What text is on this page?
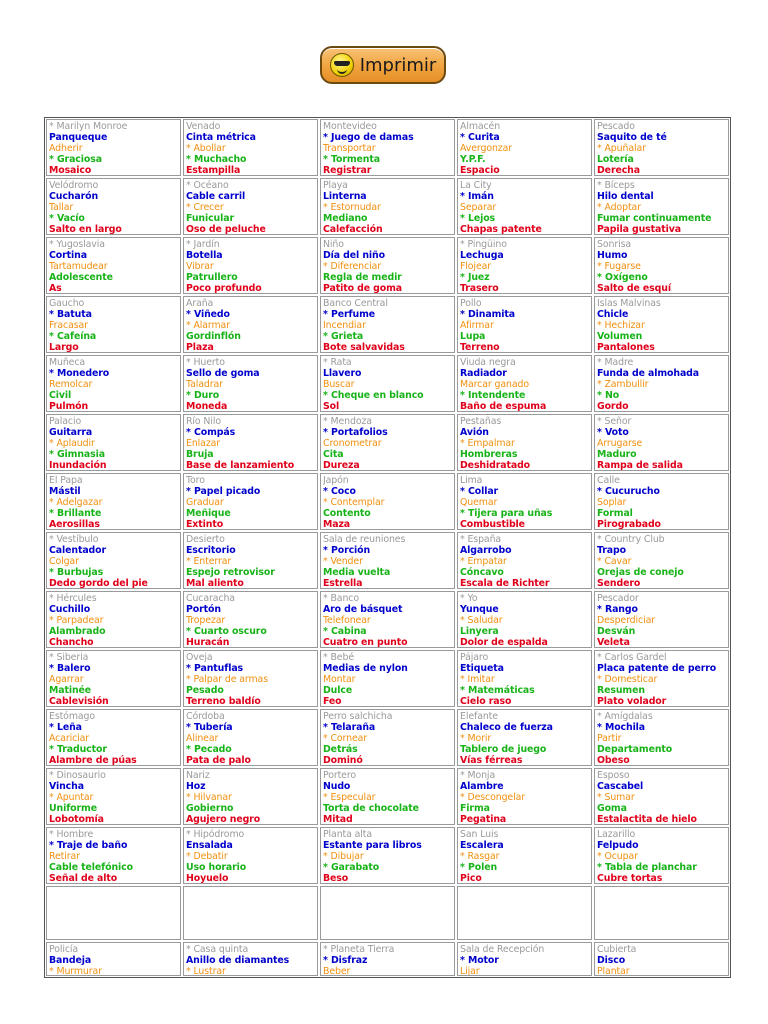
Imprimir
* Marilyn Monroe
Panqueque
Adherir
* Graciosa
Mosaico
Venado
Cinta métrica
* Abollar
* Muchacho
Estampilla
Montevideo
* Juego de damas
Transportar
* Tormenta
Registrar
Almacén
* Curita
Avergonzar
Y.P.F.
Espacio
Pescado
Saquito de té
* Apuñalar
Lotería
Derecha
Velódromo
Cucharón
Tallar
* Vacío
Salto en largo
* Océano
Cable carril
* Crecer
Funicular
Oso de peluche
Playa
Linterna
* Estornudar
Mediano
Calefacción
La City
* Imán
Separar
* Lejos
Chapas patente
* Bíceps
Hilo dental
* Adoptar
Fumar continuamente
Papila gustativa
* Yugoslavia
Cortina
Tartamudear
Adolescente
As
* Jardín
Botella
Vibrar
Patrullero
Poco profundo
Niño
Día del niño
* Diferenciar
Regla de medir
Patito de goma
* Pingüino
Lechuga
Flojear
* Juez
Trasero
Sonrisa
Humo
* Fugarse
* Oxígeno
Salto de esquí
Gaucho
* Batuta
Fracasar
* Cafeína
Largo
Araña
* Viñedo
* Alarmar
Gordinflón
Plaza
Banco Central
* Perfume
Incendiar
* Grieta
Bote salvavidas
Pollo
* Dinamita
Afirmar
Lupa
Terreno
Islas Malvinas
Chicle
* Hechizar
Volumen
Pantalones
Muñeca
* Monedero
Remolcar
Civil
Pulmón
* Huerto
Sello de goma
Taladrar
* Duro
Moneda
* Rata
Llavero
Buscar
* Cheque en blanco
Sol
Viuda negra
Radiador
Marcar ganado
* Intendente
Baño de espuma
* Madre
Funda de almohada
* Zambullir
* No
Gordo
Palacio
Guitarra
* Aplaudir
* Gimnasia
Inundación
Río Nilo
* Compás
Enlazar
Bruja
Base de lanzamiento
* Mendoza
* Portafolios
Cronometrar
Cita
Dureza
Pestañas
Avión
* Empalmar
Hombreras
Deshidratado
* Señor
* Voto
Arrugarse
Maduro
Rampa de salida
El Papa
Mástil
* Adelgazar
* Brillante
Aerosillas
Toro
* Papel picado
Graduar
Meñique
Extinto
Japón
* Coco
* Contemplar
Contento
Maza
Lima
* Collar
Quemar
* Tijera para uñas
Combustible
Calle
* Cucurucho
Soplar
Formal
Pirograbado
* Vestíbulo
Calentador
Colgar
* Burbujas
Dedo gordo del pie
Desierto
Escritorio
* Enterrar
Espejo retrovisor
Mal aliento
Sala de reuniones
* Porción
* Vender
Media vuelta
Estrella
* España
Algarrobo
* Empatar
Cóncavo
Escala de Richter
* Country Club
Trapo
* Cavar
Orejas de conejo
Sendero
* Hércules
Cuchillo
* Parpadear
Alambrado
Chancho
Cucaracha
Portón
Tropezar
* Cuarto oscuro
Huracán
* Banco
Aro de básquet
Telefonear
* Cabina
Cuatro en punto
* Yo
Yunque
* Saludar
Linyera
Dolor de espalda
Pescador
* Rango
Desperdiciar
Desván
Veleta
* Siberia
* Balero
Agarrar
Matinée
Cablevisión
Oveja
* Pantuflas
* Palpar de armas
Pesado
Terreno baldío
* Bebé
Medias de nylon
Montar
Dulce
Feo
Pájaro
Etiqueta
* Imitar
* Matemáticas
Cielo raso
* Carlos Gardel
Placa patente de perro
* Domesticar
Resumen
Plato volador
Estómago
* Leña
Acariciar
* Traductor
Alambre de púas
Córdoba
* Tubería
Alinear
* Pecado
Pata de palo
Perro salchicha
* Telaraña
* Cornear
Detrás
Dominó
Elefante
Chaleco de fuerza
* Morir
Tablero de juego
Vías férreas
* Amígdalas
* Mochila
Partir
Departamento
Obeso
* Dinosaurio
Vincha
* Apuntar
Uniforme
Lobotomía
Nariz
Hoz
* Hilvanar
Gobierno
Agujero negro
Portero
Nudo
* Especular
Torta de chocolate
Mitad
* Monja
Alambre
* Descongelar
Firma
Pegatina
Esposo
Cascabel
* Sumar
Goma
Estalactita de hielo
* Hombre
* Traje de baño
Retirar
Cable telefónico
Señal de alto
* Hipódromo
Ensalada
* Debatir
Uso horario
Hoyuelo
Planta alta
Estante para libros
* Dibujar
* Garabato
Beso
San Luis
Escalera
* Rasgar
* Polen
Pico
Lazarillo
Felpudo
* Ocupar
* Tabla de planchar
Cubre tortas
Policía
Bandeja
* Murmurar
* Casa quinta
Anillo de diamantes
* Lustrar
* Planeta Tierra
* Disfraz
Beber
Sala de Recepción
* Motor
Lijar
Cubierta
Disco
Plantar
